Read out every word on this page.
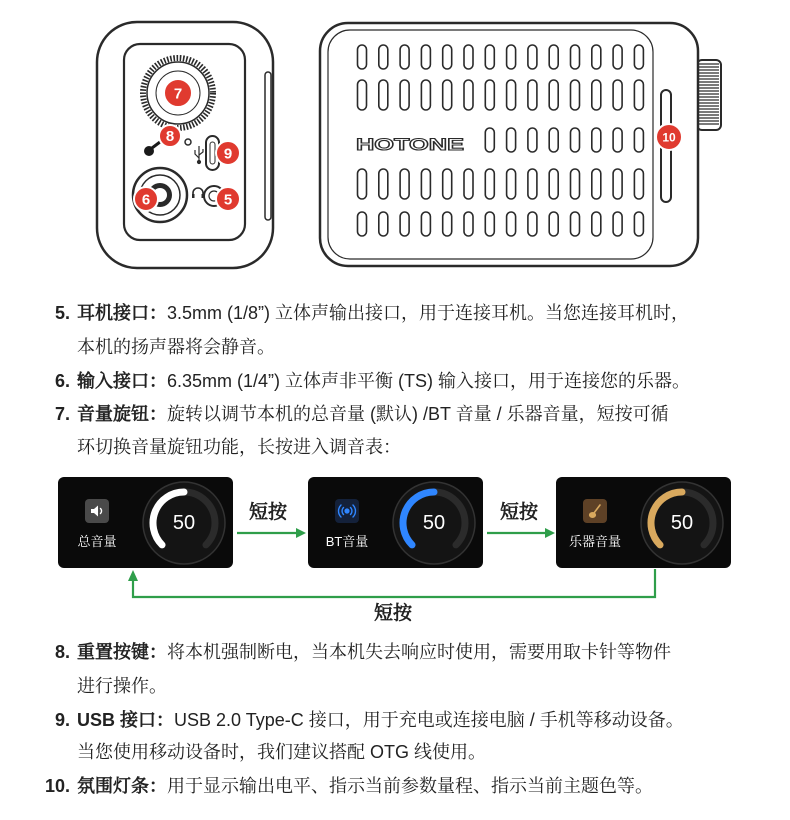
7
8
9
6	5
HOTONE	10
5. 耳机接口：3.5mm (1/8”) 立体声输出接口，用于连接耳机。当您连接耳机时，
本机的扬声器将会静音。
6. 输入接口：6.35mm (1/4”) 立体声非平衡 (TS) 输入接口，用于连接您的乐器。
7. 音量旋钮：旋转以调节本机的总音量 (默认) /BT 音量 / 乐器音量，短按可循
环切换音量旋钮功能，长按进入调音表：
短按	短按
短按
总音量
50
BT音量
50
乐器音量
50
8. 重置按键：将本机强制断电，当本机失去响应时使用，需要用取卡针等物件
进行操作。
9. USB 接口：USB 2.0 Type-C 接口，用于充电或连接电脑 / 手机等移动设备。
当您使用移动设备时，我们建议搭配 OTG 线使用。
10. 氛围灯条：用于显示输出电平、指示当前参数量程、指示当前主题色等。
